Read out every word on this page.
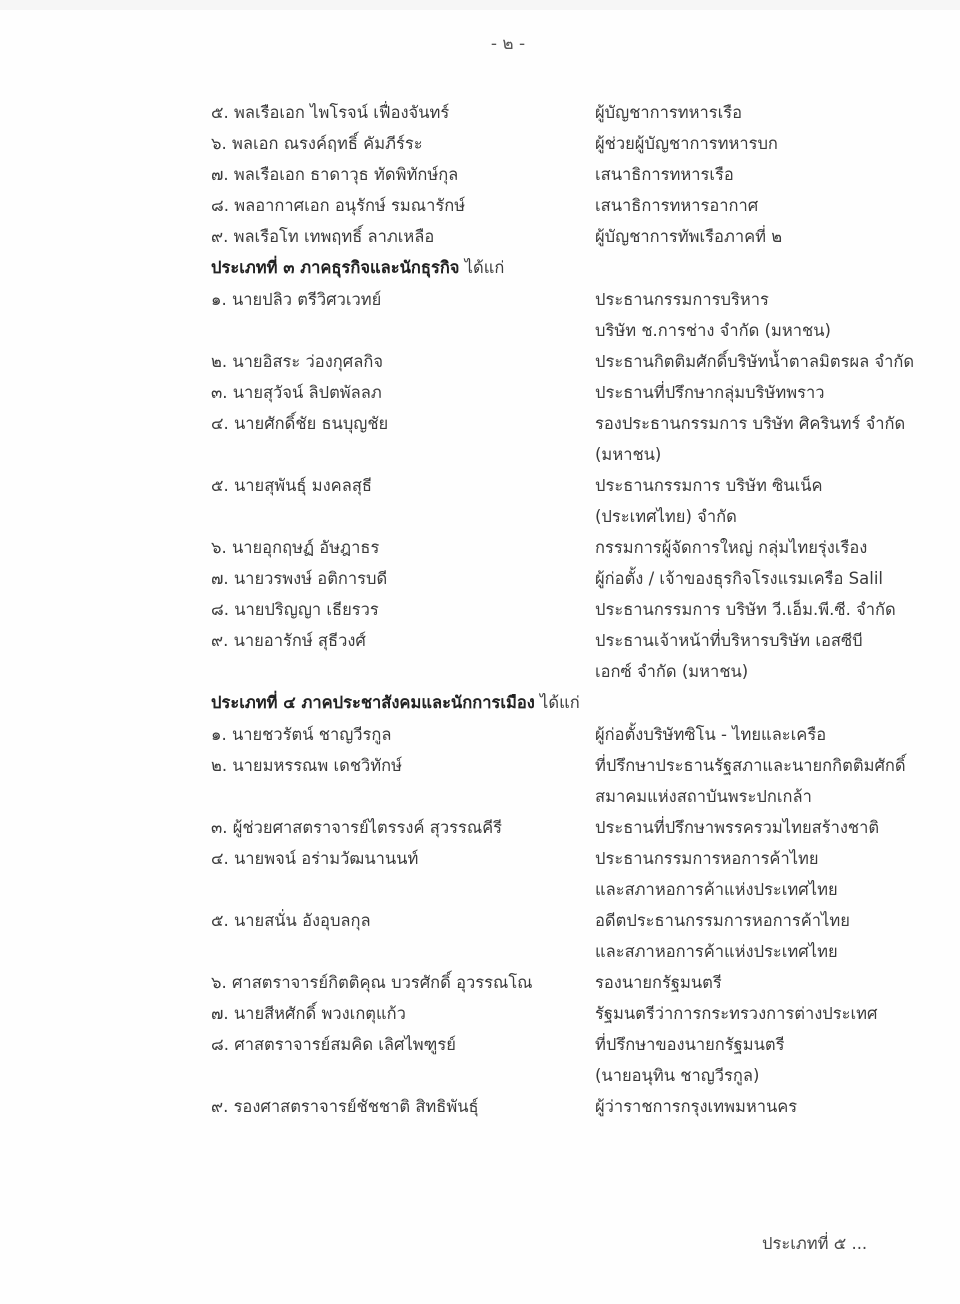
- ๒ -
๕. พลเรือเอก ไพโรจน์ เฟื่องจันทร์	ผู้บัญชาการทหารเรือ
๖. พลเอก ณรงค์ฤทธิ์ คัมภีร์ระ	ผู้ช่วยผู้บัญชาการทหารบก
๗. พลเรือเอก ธาดาวุธ ทัดพิทักษ์กุล	เสนาธิการทหารเรือ
๘. พลอากาศเอก อนุรักษ์ รมณารักษ์	เสนาธิการทหารอากาศ
๙. พลเรือโท เทพฤทธิ์ ลาภเหลือ	ผู้บัญชาการทัพเรือภาคที่ ๒
ประเภทที่ ๓ ภาคธุรกิจและนักธุรกิจ ได้แก่
๑. นายปลิว ตรีวิศวเวทย์	ประธานกรรมการบริหาร
บริษัท ช.การช่าง จำกัด (มหาชน)
๒. นายอิสระ ว่องกุศลกิจ	ประธานกิตติมศักดิ์บริษัทน้ำตาลมิตรผล จำกัด
๓. นายสุวัจน์ ลิปตพัลลภ	ประธานที่ปรึกษากลุ่มบริษัทพราว
๔. นายศักดิ์ชัย ธนบุญชัย	รองประธานกรรมการ บริษัท ศิครินทร์ จำกัด
(มหาชน)
๕. นายสุพันธุ์ มงคลสุธี	ประธานกรรมการ บริษัท ซินเน็ค
(ประเทศไทย) จำกัด
๖. นายอุกฤษฏ์ อัษฎาธร	กรรมการผู้จัดการใหญ่ กลุ่มไทยรุ่งเรือง
๗. นายวรพงษ์ อติการบดี	ผู้ก่อตั้ง / เจ้าของธุรกิจโรงแรมเครือ Salil
๘. นายปริญญา เธียรวร	ประธานกรรมการ บริษัท วี.เอ็ม.พี.ซี. จำกัด
๙. นายอารักษ์ สุธีวงศ์	ประธานเจ้าหน้าที่บริหารบริษัท เอสซีบี
เอกซ์ จำกัด (มหาชน)
ประเภทที่ ๔ ภาคประชาสังคมและนักการเมือง ได้แก่
๑. นายชวรัตน์ ชาญวีรกูล	ผู้ก่อตั้งบริษัทซิโน - ไทยและเครือ
๒. นายมหรรณพ เดชวิทักษ์	ที่ปรึกษาประธานรัฐสภาและนายกกิตติมศักดิ์
สมาคมแห่งสถาบันพระปกเกล้า
๓. ผู้ช่วยศาสตราจารย์ไตรรงค์ สุวรรณคีรี	ประธานที่ปรึกษาพรรครวมไทยสร้างชาติ
๔. นายพจน์ อร่ามวัฒนานนท์	ประธานกรรมการหอการค้าไทย
และสภาหอการค้าแห่งประเทศไทย
๕. นายสนั่น อังอุบลกุล	อดีตประธานกรรมการหอการค้าไทย
และสภาหอการค้าแห่งประเทศไทย
๖. ศาสตราจารย์กิตติคุณ บวรศักดิ์ อุวรรณโณ	รองนายกรัฐมนตรี
๗. นายสีหศักดิ์ พวงเกตุแก้ว	รัฐมนตรีว่าการกระทรวงการต่างประเทศ
๘. ศาสตราจารย์สมคิด เลิศไพฑูรย์	ที่ปรึกษาของนายกรัฐมนตรี
(นายอนุทิน ชาญวีรกูล)
๙. รองศาสตราจารย์ชัชชาติ สิทธิพันธุ์	ผู้ว่าราชการกรุงเทพมหานคร
ประเภทที่ ๕ ...
